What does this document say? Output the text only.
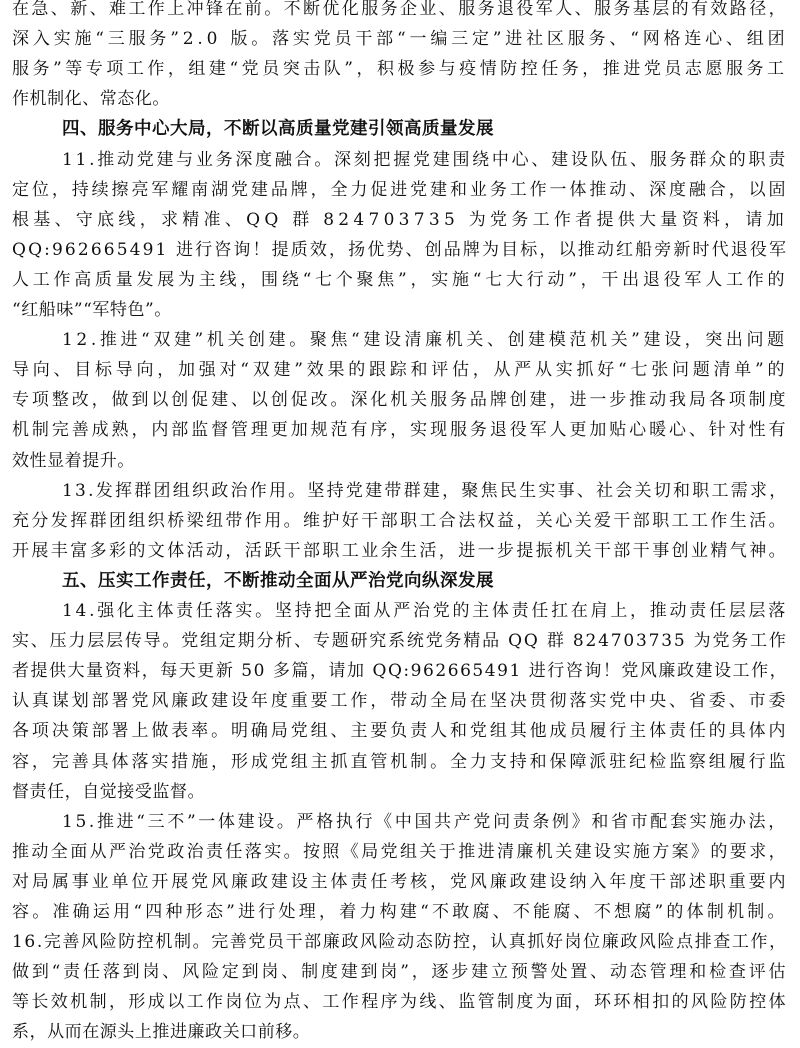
在急、新、难工作上冲锋在前。不断优化服务企业、服务退役军人、服务基层的有效路径，
深入实施“三服务”2.0 版。落实党员干部“一编三定”进社区服务、“网格连心、组团
服务”等专项工作，组建“党员突击队”，积极参与疫情防控任务，推进党员志愿服务工
作机制化、常态化。
四、服务中心大局，不断以高质量党建引领高质量发展
11.推动党建与业务深度融合。深刻把握党建围绕中心、建设队伍、服务群众的职责
定位，持续擦亮军耀南湖党建品牌，全力促进党建和业务工作一体推动、深度融合，以固
根基、守底线，求精准、QQ 群 824703735 为党务工作者提供大量资料，请加
QQ:962665491 进行咨询！提质效，扬优势、创品牌为目标，以推动红船旁新时代退役军
人工作高质量发展为主线，围绕“七个聚焦”，实施“七大行动”，干出退役军人工作的
“红船味”“军特色”。
12.推进“双建”机关创建。聚焦“建设清廉机关、创建模范机关”建设，突出问题
导向、目标导向，加强对“双建”效果的跟踪和评估，从严从实抓好“七张问题清单”的
专项整改，做到以创促建、以创促改。深化机关服务品牌创建，进一步推动我局各项制度
机制完善成熟，内部监督管理更加规范有序，实现服务退役军人更加贴心暖心、针对性有
效性显着提升。
13.发挥群团组织政治作用。坚持党建带群建，聚焦民生实事、社会关切和职工需求，
充分发挥群团组织桥梁纽带作用。维护好干部职工合法权益，关心关爱干部职工工作生活。
开展丰富多彩的文体活动，活跃干部职工业余生活，进一步提振机关干部干事创业精气神。
五、压实工作责任，不断推动全面从严治党向纵深发展
14.强化主体责任落实。坚持把全面从严治党的主体责任扛在肩上，推动责任层层落
实、压力层层传导。党组定期分析、专题研究系统党务精品 QQ 群 824703735 为党务工作
者提供大量资料，每天更新 50 多篇，请加 QQ:962665491 进行咨询！党风廉政建设工作，
认真谋划部署党风廉政建设年度重要工作，带动全局在坚决贯彻落实党中央、省委、市委
各项决策部署上做表率。明确局党组、主要负责人和党组其他成员履行主体责任的具体内
容，完善具体落实措施，形成党组主抓直管机制。全力支持和保障派驻纪检监察组履行监
督责任，自觉接受监督。
15.推进“三不”一体建设。严格执行《中国共产党问责条例》和省市配套实施办法，
推动全面从严治党政治责任落实。按照《局党组关于推进清廉机关建设实施方案》的要求，
对局属事业单位开展党风廉政建设主体责任考核，党风廉政建设纳入年度干部述职重要内
容。准确运用“四种形态”进行处理，着力构建“不敢腐、不能腐、不想腐”的体制机制。
16.完善风险防控机制。完善党员干部廉政风险动态防控，认真抓好岗位廉政风险点排查工作，
做到“责任落到岗、风险定到岗、制度建到岗”，逐步建立预警处置、动态管理和检查评估
等长效机制，形成以工作岗位为点、工作程序为线、监管制度为面，环环相扣的风险防控体
系，从而在源头上推进廉政关口前移。
